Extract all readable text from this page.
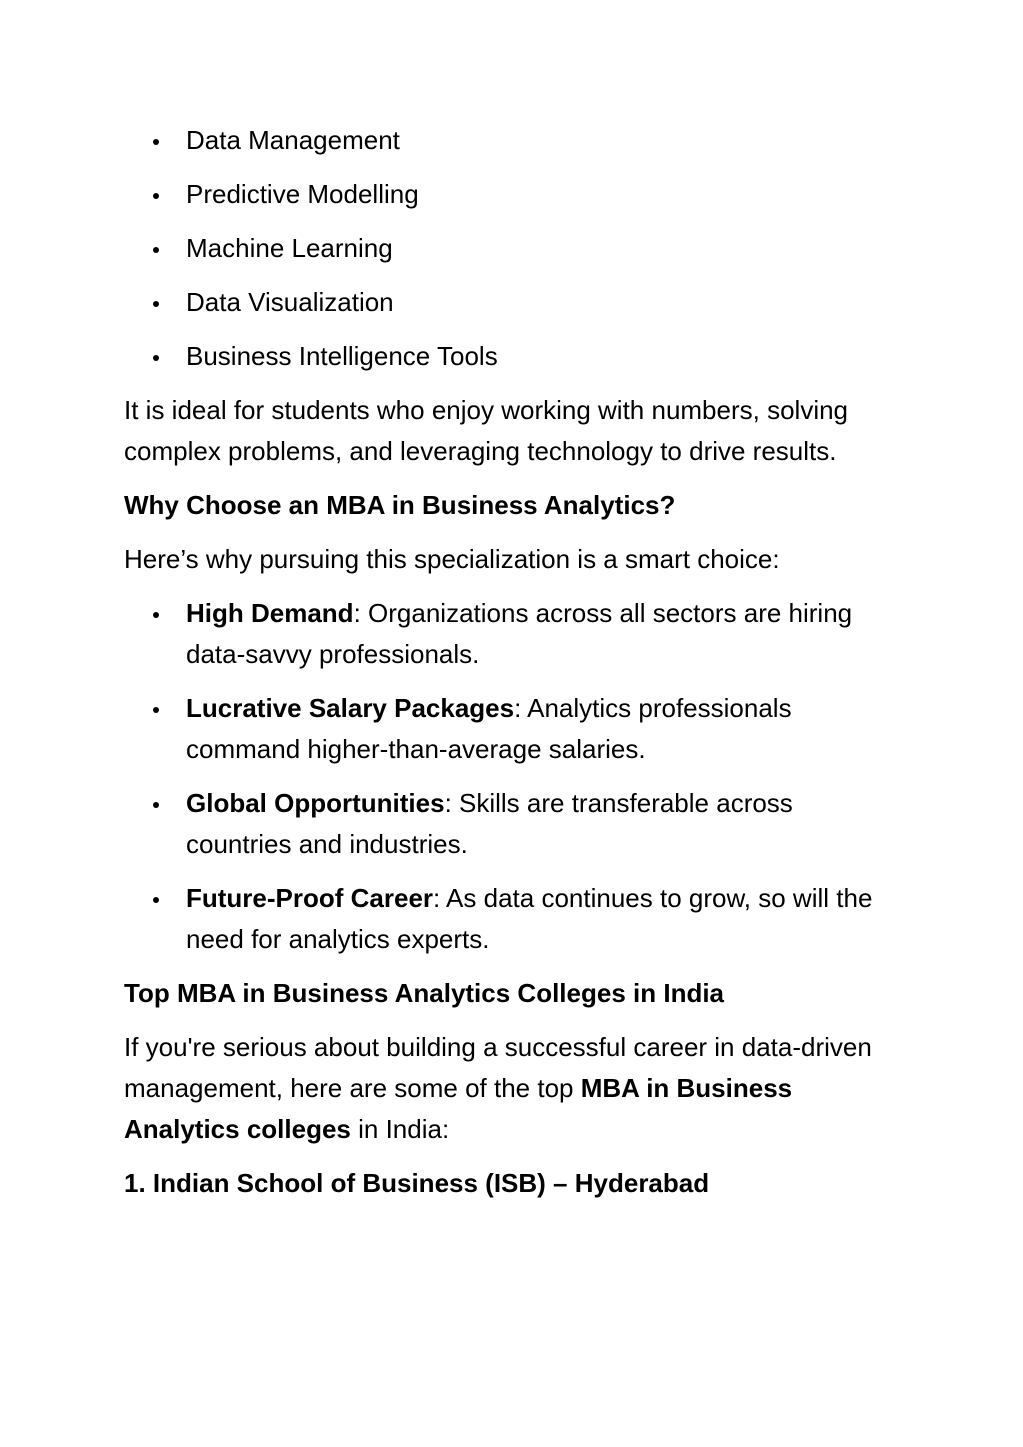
Data Management
Predictive Modelling
Machine Learning
Data Visualization
Business Intelligence Tools

It is ideal for students who enjoy working with numbers, solving complex problems, and leveraging technology to drive results.

Why Choose an MBA in Business Analytics?

Here’s why pursuing this specialization is a smart choice:

High Demand: Organizations across all sectors are hiring data-savvy professionals.
Lucrative Salary Packages: Analytics professionals command higher-than-average salaries.
Global Opportunities: Skills are transferable across countries and industries.
Future-Proof Career: As data continues to grow, so will the need for analytics experts.
Top MBA in Business Analytics Colleges in India

If you're serious about building a successful career in data-driven management, here are some of the top MBA in Business Analytics colleges in India:

1. Indian School of Business (ISB) – Hyderabad
